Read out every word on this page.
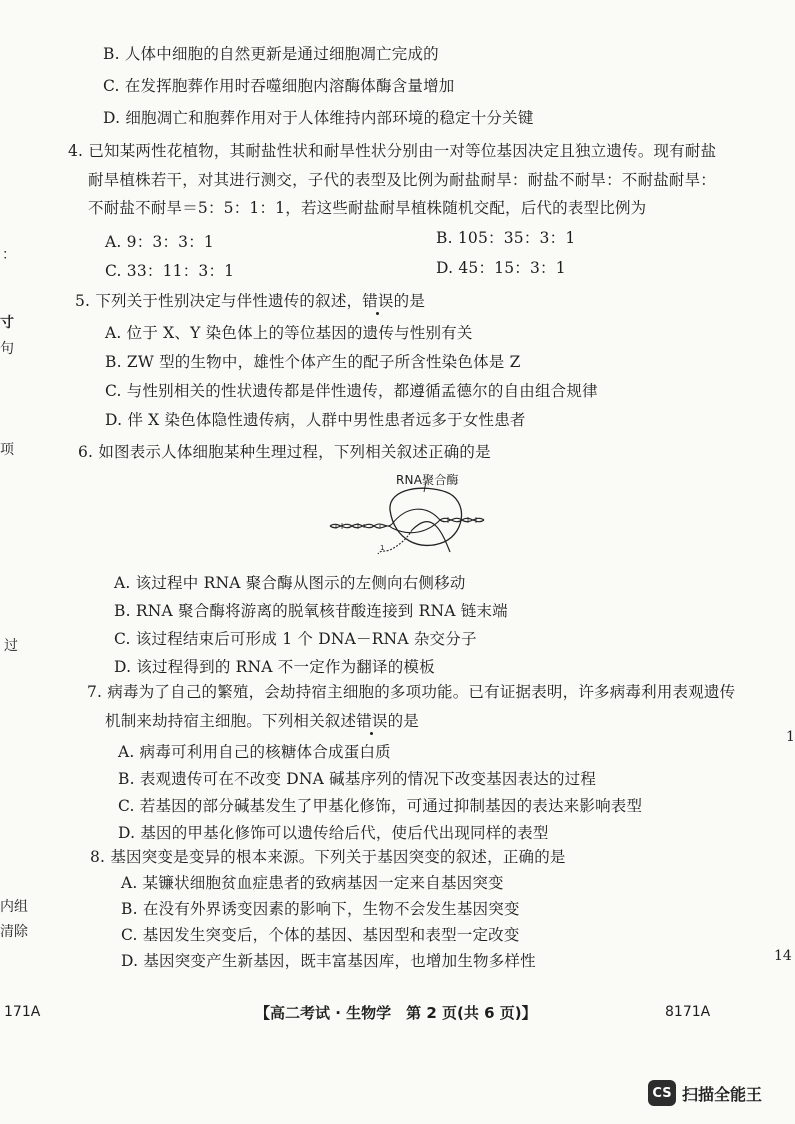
B. 人体中细胞的自然更新是通过细胞凋亡完成的
C. 在发挥胞葬作用时吞噬细胞内溶酶体酶含量增加
D. 细胞凋亡和胞葬作用对于人体维持内部环境的稳定十分关键
4. 已知某两性花植物，其耐盐性状和耐旱性状分别由一对等位基因决定且独立遗传。现有耐盐
耐旱植株若干，对其进行测交，子代的表型及比例为耐盐耐旱：耐盐不耐旱：不耐盐耐旱：
不耐盐不耐旱＝5：5：1：1，若这些耐盐耐旱植株随机交配，后代的表型比例为
A. 9：3：3：1	B. 105：35：3：1
C. 33：11：3：1	D. 45：15：3：1
5. 下列关于性别决定与伴性遗传的叙述，错误的是
A. 位于 X、Y 染色体上的等位基因的遗传与性别有关
B. ZW 型的生物中，雄性个体产生的配子所含性染色体是 Z
C. 与性别相关的性状遗传都是伴性遗传，都遵循孟德尔的自由组合规律
D. 伴 X 染色体隐性遗传病，人群中男性患者远多于女性患者
6. 如图表示人体细胞某种生理过程，下列相关叙述正确的是
1
RNA聚合酶
A. 该过程中 RNA 聚合酶从图示的左侧向右侧移动
B. RNA 聚合酶将游离的脱氧核苷酸连接到 RNA 链末端
C. 该过程结束后可形成 1 个 DNA－RNA 杂交分子
D. 该过程得到的 RNA 不一定作为翻译的模板
7. 病毒为了自己的繁殖，会劫持宿主细胞的多项功能。已有证据表明，许多病毒利用表观遗传
机制来劫持宿主细胞。下列相关叙述错误的是
A. 病毒可利用自己的核糖体合成蛋白质
B. 表观遗传可在不改变 DNA 碱基序列的情况下改变基因表达的过程
C. 若基因的部分碱基发生了甲基化修饰，可通过抑制基因的表达来影响表型
D. 基因的甲基化修饰可以遗传给后代，使后代出现同样的表型
8. 基因突变是变异的根本来源。下列关于基因突变的叙述，正确的是
A. 某镰状细胞贫血症患者的致病基因一定来自基因突变
B. 在没有外界诱变因素的影响下，生物不会发生基因突变
C. 基因发生突变后，个体的基因、基因型和表型一定改变
D. 基因突变产生新基因，既丰富基因库，也增加生物多样性
：
寸
句
项
过
内组
清除
1
14
171A	【高二考试 · 生物学　第 2 页(共 6 页)】	8171A
CS 扫描全能王
